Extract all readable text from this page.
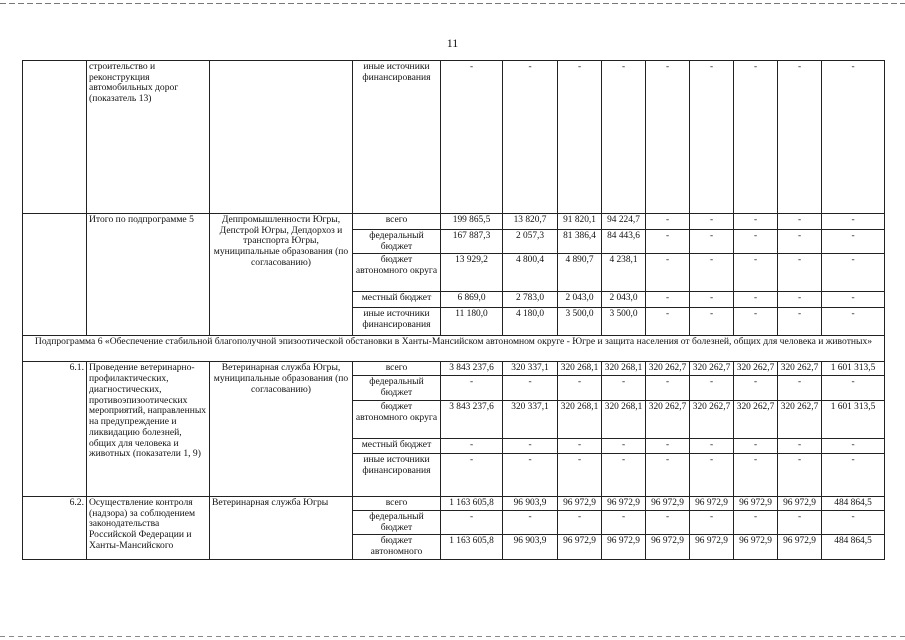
11
	строительство и реконструкция автомобильных дорог (показатель 13)		иные источники финансирования	-	-	-	-	-	-	-	-	-
	Итого по подпрограмме 5	Деппромышленности Югры, Депстрой Югры, Депдорхоз и транспорта Югры, муниципальные образования (по согласованию)	всего	199 865,5	13 820,7	91 820,1	94 224,7	-	-	-	-	-
			федеральный бюджет	167 887,3	2 057,3	81 386,4	84 443,6	-	-	-	-	-
			бюджет автономного округа	13 929,2	4 800,4	4 890,7	4 238,1	-	-	-	-	-
			местный бюджет	6 869,0	2 783,0	2 043,0	2 043,0	-	-	-	-	-
			иные источники финансирования	11 180,0	4 180,0	3 500,0	3 500,0	-	-	-	-	-
Подпрограмма 6 «Обеспечение стабильной благополучной эпизоотической обстановки в Ханты-Мансийском автономном округе - Югре и защита населения от болезней, общих для человека и животных»												
6.1.	Проведение ветеринарно-профилактических, диагностических, противоэпизоотических мероприятий, направленных на предупреждение и ликвидацию болезней, общих для человека и животных (показатели 1, 9)	Ветеринарная служба Югры, муниципальные образования (по согласованию)	всего	3 843 237,6	320 337,1	320 268,1	320 268,1	320 262,7	320 262,7	320 262,7	320 262,7	1 601 313,5
			федеральный бюджет	-	-	-	-	-	-	-	-	-
			бюджет автономного округа	3 843 237,6	320 337,1	320 268,1	320 268,1	320 262,7	320 262,7	320 262,7	320 262,7	1 601 313,5
			местный бюджет	-	-	-	-	-	-	-	-	-
			иные источники финансирования	-	-	-	-	-	-	-	-	-
6.2.	Осуществление контроля (надзора) за соблюдением законодательства Российской Федерации и Ханты-Мансийского	Ветеринарная служба Югры	всего	1 163 605,8	96 903,9	96 972,9	96 972,9	96 972,9	96 972,9	96 972,9	96 972,9	484 864,5
			федеральный бюджет	-	-	-	-	-	-	-	-	-
			бюджет автономного	1 163 605,8	96 903,9	96 972,9	96 972,9	96 972,9	96 972,9	96 972,9	96 972,9	484 864,5
